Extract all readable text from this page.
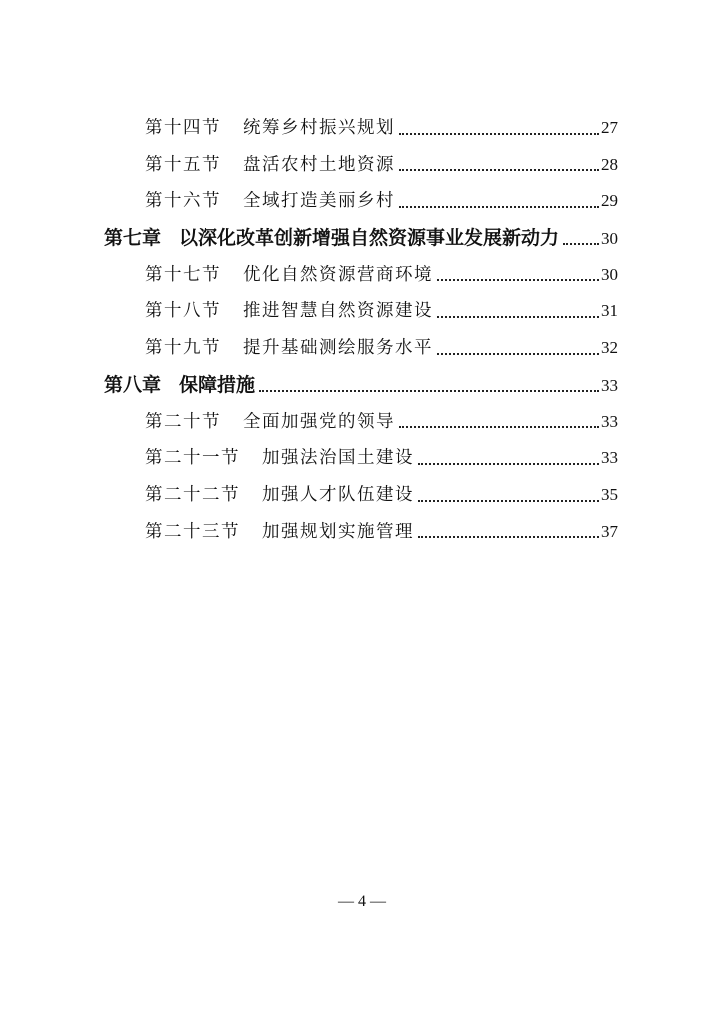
第十四节 统筹乡村振兴规划	27
第十五节 盘活农村土地资源	28
第十六节 全域打造美丽乡村	29
第七章 以深化改革创新增强自然资源事业发展新动力 30
第十七节 优化自然资源营商环境	30
第十八节 推进智慧自然资源建设	31
第十九节 提升基础测绘服务水平	32
第八章 保障措施	33
第二十节 全面加强党的领导	33
第二十一节 加强法治国土建设	33
第二十二节 加强人才队伍建设	35
第二十三节 加强规划实施管理	37
— 4 —
